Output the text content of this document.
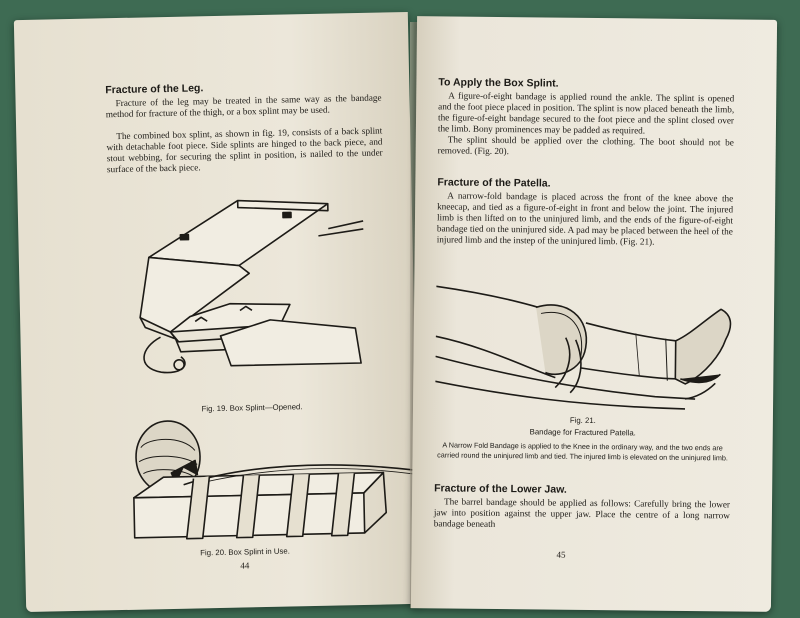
Fracture of the Leg.

Fracture of the leg may be treated in the same way as the bandage method for fracture of the thigh, or a box splint may be used.

The combined box splint, as shown in fig. 19, consists of a back splint with detachable foot piece. Side splints are hinged to the back piece, and stout webbing, for securing the splint in position, is nailed to the under surface of the back piece.

Fig. 19. Box Splint—Opened.
Fig. 20. Box Splint in Use.
44
To Apply the Box Splint.

A figure-of-eight bandage is applied round the ankle. The splint is opened and the foot piece placed in position. The splint is now placed beneath the limb, the figure-of-eight bandage secured to the foot piece and the splint closed over the limb. Bony prominences may be padded as required.

The splint should be applied over the clothing. The boot should not be removed. (Fig. 20).

Fracture of the Patella.

A narrow-fold bandage is placed across the front of the knee above the kneecap, and tied as a figure-of-eight in front and below the joint. The injured limb is then lifted on to the uninjured limb, and the ends of the figure-of-eight bandage tied on the uninjured side. A pad may be placed between the heel of the injured limb and the instep of the uninjured limb. (Fig. 21).

Fig. 21.
Bandage for Fractured Patella.
A Narrow Fold Bandage is applied to the Knee in the ordinary way, and the two ends are carried round the uninjured limb and tied. The injured limb is elevated on the uninjured limb.
Fracture of the Lower Jaw.

The barrel bandage should be applied as follows: Carefully bring the lower jaw into position against the upper jaw. Place the centre of a long narrow bandage beneath

45
